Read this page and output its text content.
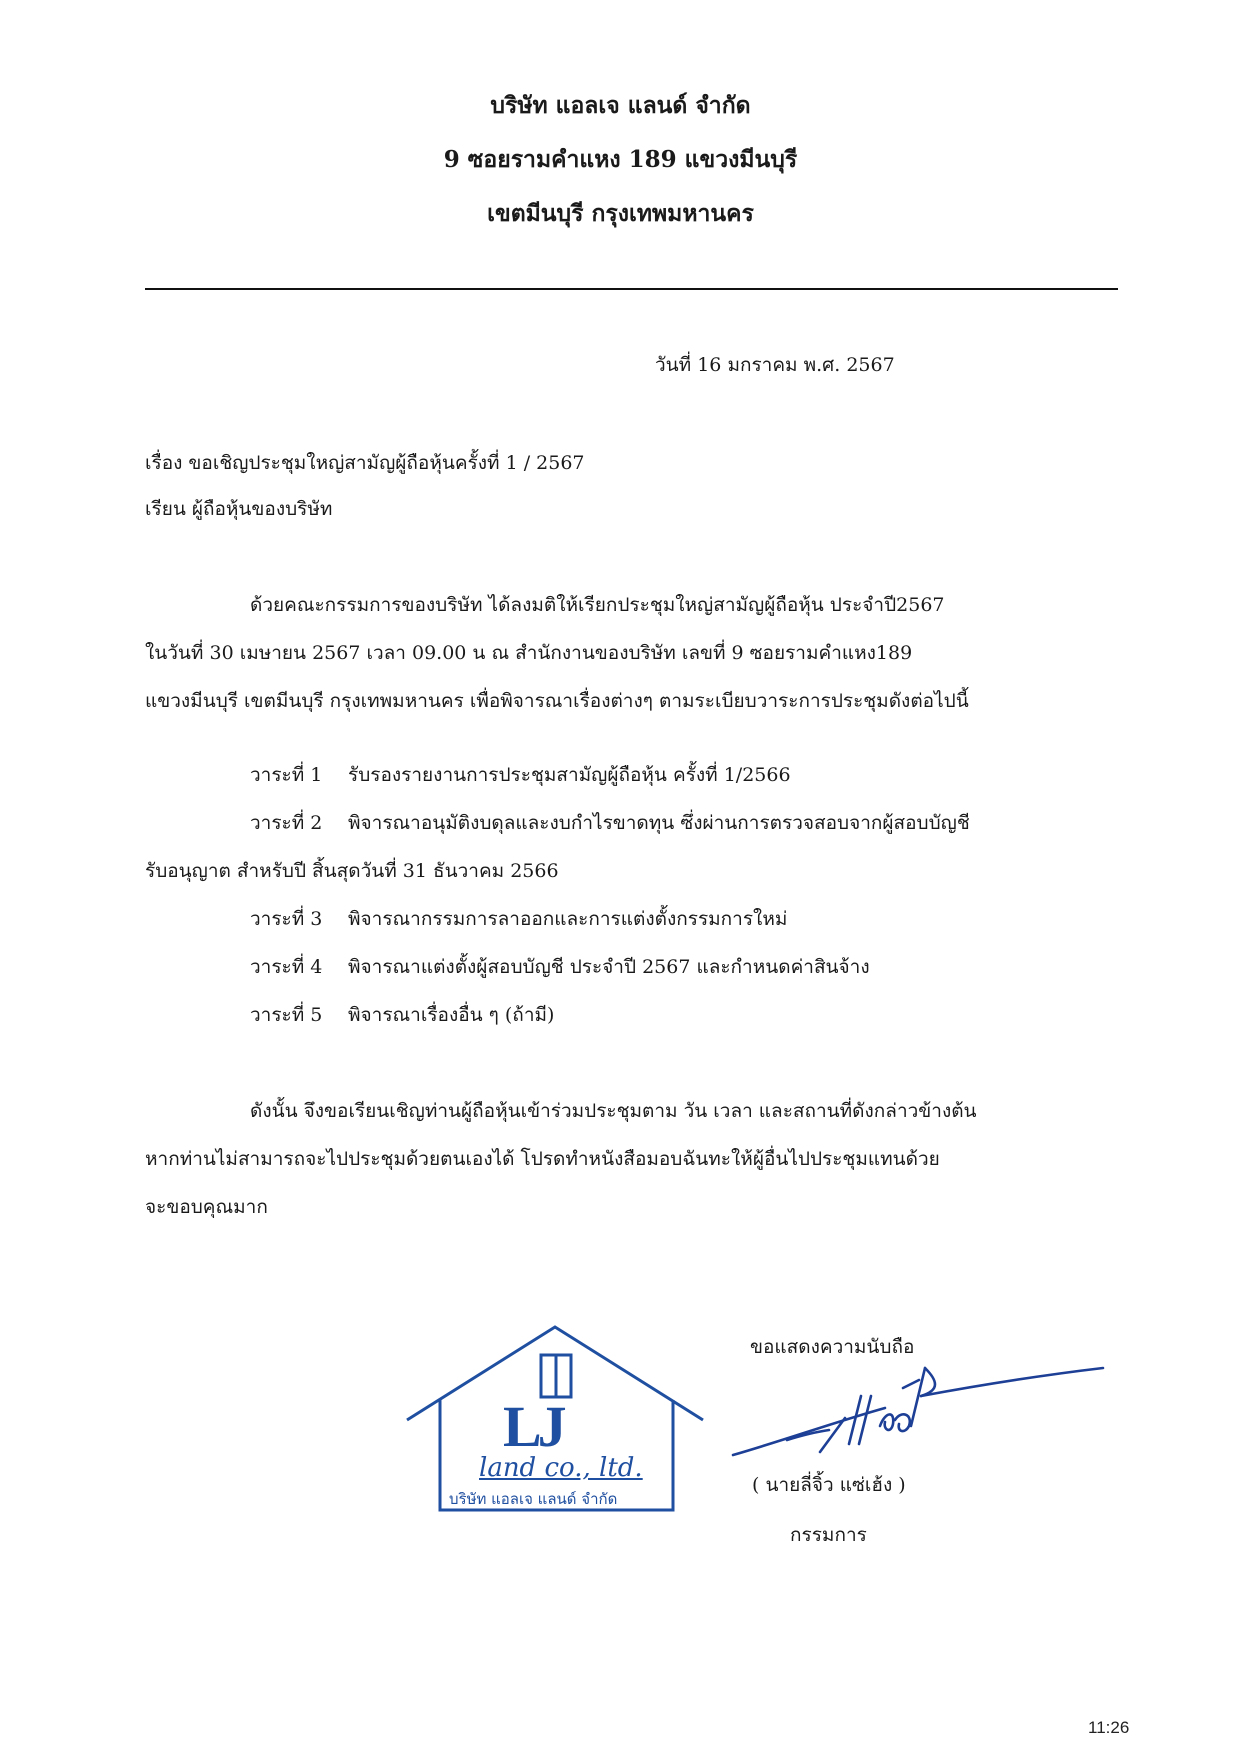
บริษัท แอลเจ แลนด์ จำกัด
9 ซอยรามคำแหง 189 แขวงมีนบุรี
เขตมีนบุรี กรุงเทพมหานคร
วันที่ 16 มกราคม พ.ศ. 2567
เรื่อง ขอเชิญประชุมใหญ่สามัญผู้ถือหุ้นครั้งที่ 1 / 2567
เรียน ผู้ถือหุ้นของบริษัท
ด้วยคณะกรรมการของบริษัท ได้ลงมติให้เรียกประชุมใหญ่สามัญผู้ถือหุ้น ประจำปี2567
ในวันที่ 30 เมษายน 2567 เวลา 09.00 น ณ สำนักงานของบริษัท เลขที่ 9 ซอยรามคำแหง189
แขวงมีนบุรี เขตมีนบุรี กรุงเทพมหานคร เพื่อพิจารณาเรื่องต่างๆ ตามระเบียบวาระการประชุมดังต่อไปนี้
วาระที่ 1 รับรองรายงานการประชุมสามัญผู้ถือหุ้น ครั้งที่ 1/2566
วาระที่ 2 พิจารณาอนุมัติงบดุลและงบกำไรขาดทุน ซึ่งผ่านการตรวจสอบจากผู้สอบบัญชี
รับอนุญาต สำหรับปี สิ้นสุดวันที่ 31 ธันวาคม 2566
วาระที่ 3 พิจารณากรรมการลาออกและการแต่งตั้งกรรมการใหม่
วาระที่ 4 พิจารณาแต่งตั้งผู้สอบบัญชี ประจำปี 2567 และกำหนดค่าสินจ้าง
วาระที่ 5 พิจารณาเรื่องอื่น ๆ (ถ้ามี)
ดังนั้น จึงขอเรียนเชิญท่านผู้ถือหุ้นเข้าร่วมประชุมตาม วัน เวลา และสถานที่ดังกล่าวข้างต้น
หากท่านไม่สามารถจะไปประชุมด้วยตนเองได้ โปรดทำหนังสือมอบฉันทะให้ผู้อื่นไปประชุมแทนด้วย
จะขอบคุณมาก
LJ
land co., ltd.
บริษัท แอลเจ แลนด์ จำกัด
ขอแสดงความนับถือ
( นายลี่จิ้ว แซ่เฮ้ง )
กรรมการ
11:26
